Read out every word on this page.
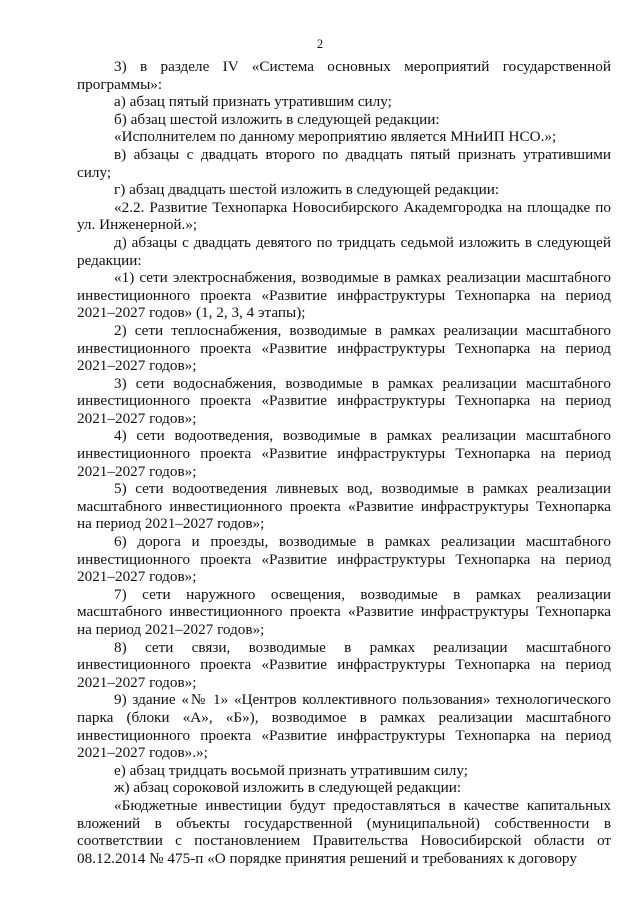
2

3) в разделе IV «Система основных мероприятий государственной программы»:

а) абзац пятый признать утратившим силу;

б) абзац шестой изложить в следующей редакции:

«Исполнителем по данному мероприятию является МНиИП НСО.»;

в) абзацы с двадцать второго по двадцать пятый признать утратившими силу;

г) абзац двадцать шестой изложить в следующей редакции:

«2.2. Развитие Технопарка Новосибирского Академгородка на площадке по ул. Инженерной.»;

д) абзацы с двадцать девятого по тридцать седьмой изложить в следующей редакции:

«1) сети электроснабжения, возводимые в рамках реализации масштабного инвестиционного проекта «Развитие инфраструктуры Технопарка на период 2021–2027 годов» (1, 2, 3, 4 этапы);

2) сети теплоснабжения, возводимые в рамках реализации масштабного инвестиционного проекта «Развитие инфраструктуры Технопарка на период 2021–2027 годов»;

3) сети водоснабжения, возводимые в рамках реализации масштабного инвестиционного проекта «Развитие инфраструктуры Технопарка на период 2021–2027 годов»;

4) сети водоотведения, возводимые в рамках реализации масштабного инвестиционного проекта «Развитие инфраструктуры Технопарка на период 2021–2027 годов»;

5) сети водоотведения ливневых вод, возводимые в рамках реализации масштабного инвестиционного проекта «Развитие инфраструктуры Технопарка на период 2021–2027 годов»;

6) дорога и проезды, возводимые в рамках реализации масштабного инвестиционного проекта «Развитие инфраструктуры Технопарка на период 2021–2027 годов»;

7) сети наружного освещения, возводимые в рамках реализации масштабного инвестиционного проекта «Развитие инфраструктуры Технопарка на период 2021–2027 годов»;

8) сети связи, возводимые в рамках реализации масштабного инвестиционного проекта «Развитие инфраструктуры Технопарка на период 2021–2027 годов»;

9) здание «№ 1» «Центров коллективного пользования» технологического парка (блоки «А», «Б»), возводимое в рамках реализации масштабного инвестиционного проекта «Развитие инфраструктуры Технопарка на период 2021–2027 годов».»;

е) абзац тридцать восьмой признать утратившим силу;

ж) абзац сороковой изложить в следующей редакции:

«Бюджетные инвестиции будут предоставляться в качестве капитальных вложений в объекты государственной (муниципальной) собственности в соответствии с постановлением Правительства Новосибирской области от 08.12.2014 № 475-п «О порядке принятия решений и требованиях к договору
